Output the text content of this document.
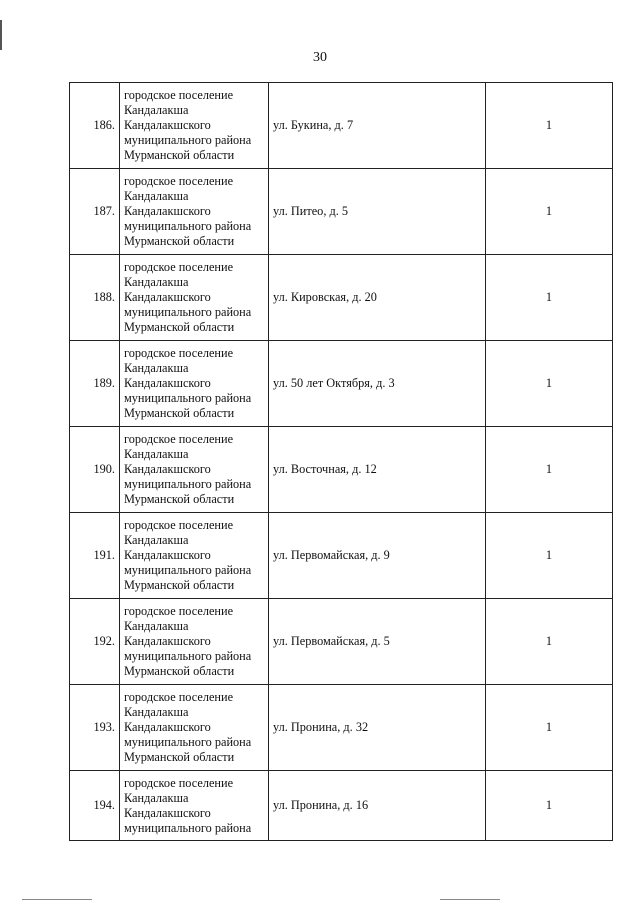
30
186.	городское поселение
Кандалакша
Кандалакшского
муниципального района
Мурманской области	ул. Букина, д. 7	1
187.	городское поселение
Кандалакша
Кандалакшского
муниципального района
Мурманской области	ул. Питео, д. 5	1
188.	городское поселение
Кандалакша
Кандалакшского
муниципального района
Мурманской области	ул. Кировская, д. 20	1
189.	городское поселение
Кандалакша
Кандалакшского
муниципального района
Мурманской области	ул. 50 лет Октября, д. 3	1
190.	городское поселение
Кандалакша
Кандалакшского
муниципального района
Мурманской области	ул. Восточная, д. 12	1
191.	городское поселение
Кандалакша
Кандалакшского
муниципального района
Мурманской области	ул. Первомайская, д. 9	1
192.	городское поселение
Кандалакша
Кандалакшского
муниципального района
Мурманской области	ул. Первомайская, д. 5	1
193.	городское поселение
Кандалакша
Кандалакшского
муниципального района
Мурманской области	ул. Пронина, д. 32	1
194.	городское поселение
Кандалакша
Кандалакшского
муниципального района	ул. Пронина, д. 16	1
